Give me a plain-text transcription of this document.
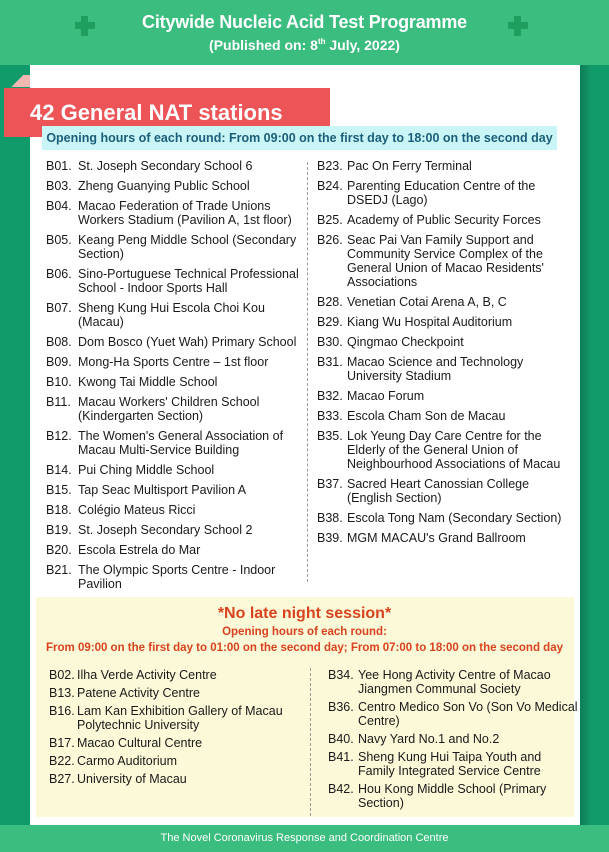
Citywide Nucleic Acid Test Programme
(Published on: 8th July, 2022)
42 General NAT stations
Opening hours of each round: From 09:00 on the first day to 18:00 on the second day
B01. St. Joseph Secondary School 6
B03. Zheng Guanying Public School
B04. Macao Federation of Trade Unions Workers Stadium (Pavilion A, 1st floor)
B05. Keang Peng Middle School (Secondary Section)
B06. Sino-Portuguese Technical Professional School - Indoor Sports Hall
B07. Sheng Kung Hui Escola Choi Kou (Macau)
B08. Dom Bosco (Yuet Wah) Primary School
B09. Mong-Ha Sports Centre – 1st floor
B10. Kwong Tai Middle School
B11. Macau Workers' Children School (Kindergarten Section)
B12. The Women's General Association of Macau Multi-Service Building
B14. Pui Ching Middle School
B15. Tap Seac Multisport Pavilion A
B18. Colégio Mateus Ricci
B19. St. Joseph Secondary School 2
B20. Escola Estrela do Mar
B21. The Olympic Sports Centre - Indoor Pavilion
B23. Pac On Ferry Terminal
B24. Parenting Education Centre of the DSEDJ (Lago)
B25. Academy of Public Security Forces
B26. Seac Pai Van Family Support and Community Service Complex of the General Union of Macao Residents' Associations
B28. Venetian Cotai Arena A, B, C
B29. Kiang Wu Hospital Auditorium
B30. Qingmao Checkpoint
B31. Macao Science and Technology University Stadium
B32. Macao Forum
B33. Escola Cham Son de Macau
B35. Lok Yeung Day Care Centre for the Elderly of the General Union of Neighbourhood Associations of Macau
B37. Sacred Heart Canossian College (English Section)
B38. Escola Tong Nam (Secondary Section)
B39. MGM MACAU's Grand Ballroom
*No late night session*
Opening hours of each round:
From 09:00 on the first day to 01:00 on the second day; From 07:00 to 18:00 on the second day
B02. Ilha Verde Activity Centre
B13. Patene Activity Centre
B16. Lam Kan Exhibition Gallery of Macau Polytechnic University
B17. Macao Cultural Centre
B22. Carmo Auditorium
B27. University of Macau
B34. Yee Hong Activity Centre of Macao Jiangmen Communal Society
B36. Centro Medico Son Vo (Son Vo Medical Centre)
B40. Navy Yard No.1 and No.2
B41. Sheng Kung Hui Taipa Youth and Family Integrated Service Centre
B42. Hou Kong Middle School (Primary Section)
The Novel Coronavirus Response and Coordination Centre
